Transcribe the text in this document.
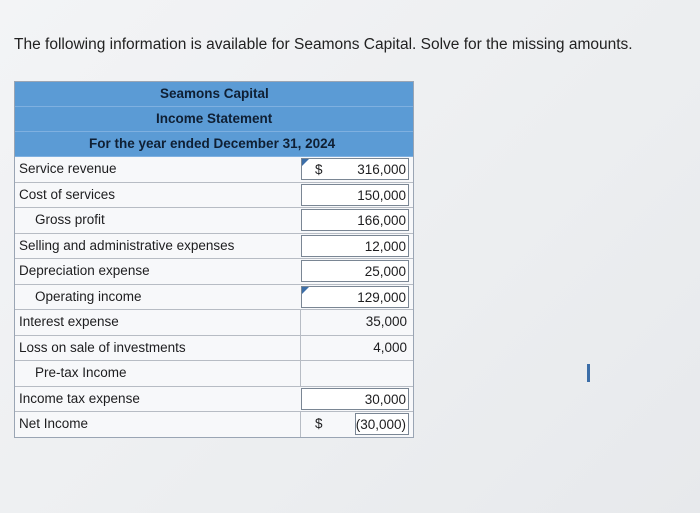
The following information is available for Seamons Capital. Solve for the missing amounts.
Seamons Capital
Income Statement
For the year ended December 31, 2024
Service revenue	$	316,000
Cost of services	150,000
Gross profit	166,000
Selling and administrative expenses	12,000
Depreciation expense	25,000
Operating income	129,000
Interest expense	35,000
Loss on sale of investments	4,000
Pre-tax Income
Income tax expense	30,000
Net Income	$ (30,000)
